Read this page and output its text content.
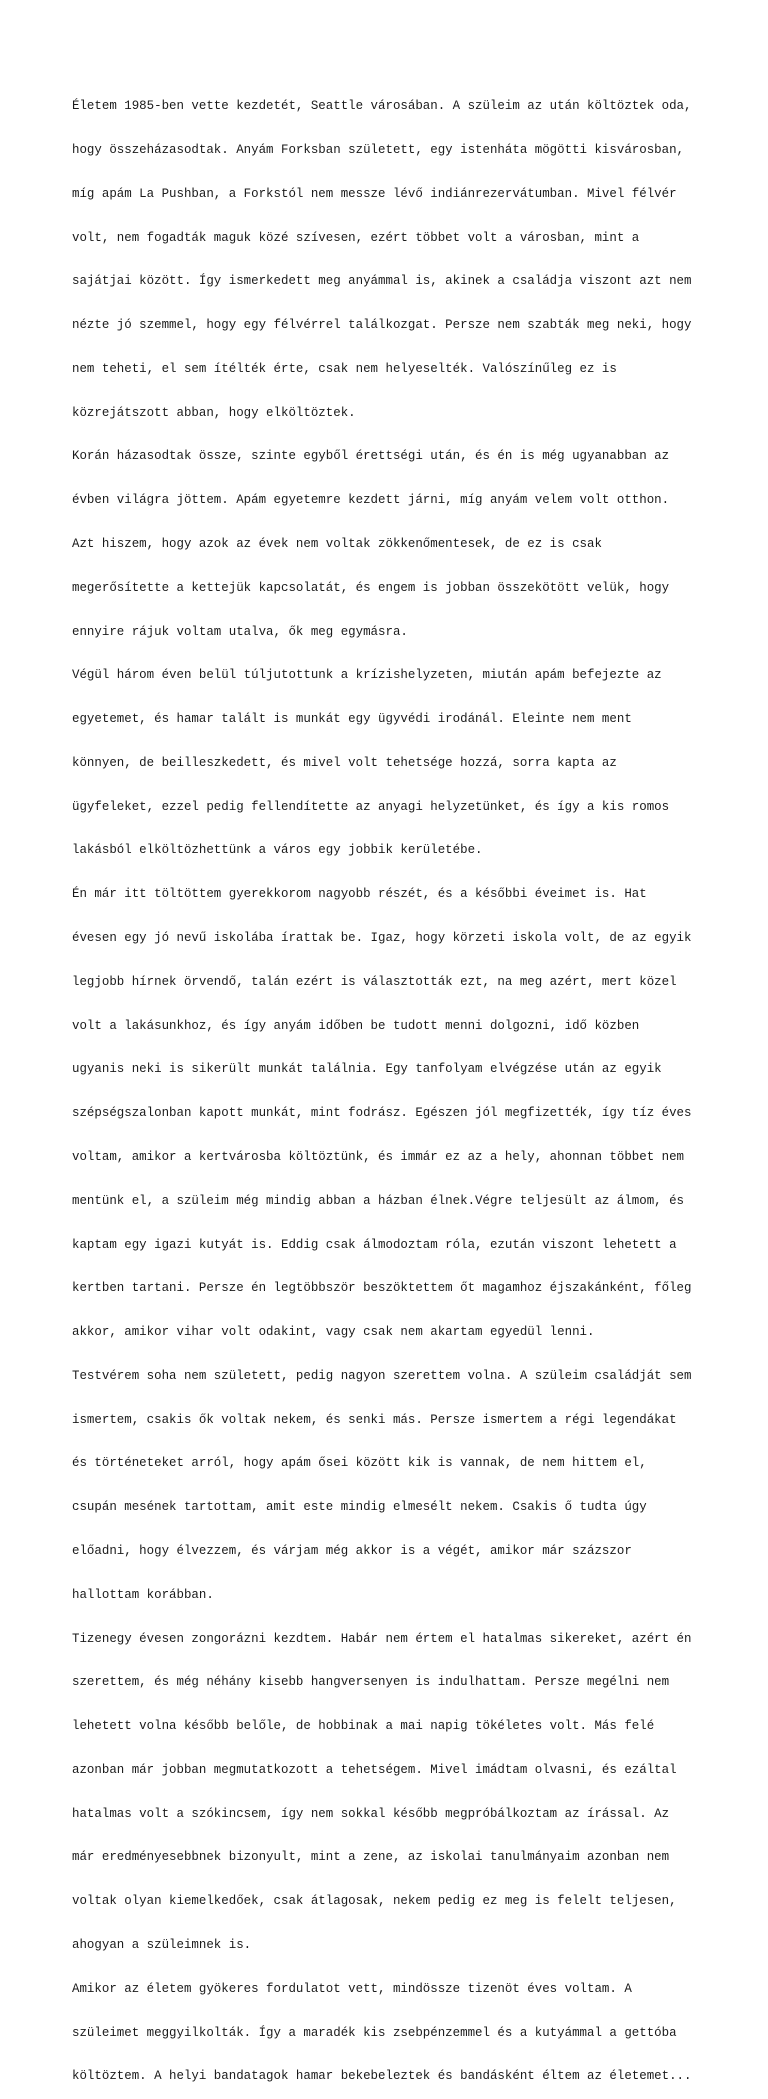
Életem 1985-ben vette kezdetét, Seattle városában. A szüleim az után költöztek oda,

hogy összeházasodtak. Anyám Forksban született, egy istenháta mögötti kisvárosban,

míg apám La Pushban, a Forkstól nem messze lévő indiánrezervátumban. Mivel félvér

volt, nem fogadták maguk közé szívesen, ezért többet volt a városban, mint a

sajátjai között. Így ismerkedett meg anyámmal is, akinek a családja viszont azt nem

nézte jó szemmel, hogy egy félvérrel találkozgat. Persze nem szabták meg neki, hogy

nem teheti, el sem ítélték érte, csak nem helyeselték. Valószínűleg ez is

közrejátszott abban, hogy elköltöztek.

Korán házasodtak össze, szinte egyből érettségi után, és én is még ugyanabban az

évben világra jöttem. Apám egyetemre kezdett járni, míg anyám velem volt otthon.

Azt hiszem, hogy azok az évek nem voltak zökkenőmentesek, de ez is csak

megerősítette a kettejük kapcsolatát, és engem is jobban összekötött velük, hogy

ennyire rájuk voltam utalva, ők meg egymásra.

Végül három éven belül túljutottunk a krízishelyzeten, miután apám befejezte az

egyetemet, és hamar talált is munkát egy ügyvédi irodánál. Eleinte nem ment

könnyen, de beilleszkedett, és mivel volt tehetsége hozzá, sorra kapta az

ügyfeleket, ezzel pedig fellendítette az anyagi helyzetünket, és így a kis romos

lakásból elköltözhettünk a város egy jobbik kerületébe.

Én már itt töltöttem gyerekkorom nagyobb részét, és a későbbi éveimet is. Hat

évesen egy jó nevű iskolába írattak be. Igaz, hogy körzeti iskola volt, de az egyik

legjobb hírnek örvendő, talán ezért is választották ezt, na meg azért, mert közel

volt a lakásunkhoz, és így anyám időben be tudott menni dolgozni, idő közben

ugyanis neki is sikerült munkát találnia. Egy tanfolyam elvégzése után az egyik

szépségszalonban kapott munkát, mint fodrász. Egészen jól megfizették, így tíz éves

voltam, amikor a kertvárosba költöztünk, és immár ez az a hely, ahonnan többet nem

mentünk el, a szüleim még mindig abban a házban élnek.Végre teljesült az álmom, és

kaptam egy igazi kutyát is. Eddig csak álmodoztam róla, ezután viszont lehetett a

kertben tartani. Persze én legtöbbször beszöktettem őt magamhoz éjszakánként, főleg

akkor, amikor vihar volt odakint, vagy csak nem akartam egyedül lenni.

Testvérem soha nem született, pedig nagyon szerettem volna. A szüleim családját sem

ismertem, csakis ők voltak nekem, és senki más. Persze ismertem a régi legendákat

és történeteket arról, hogy apám ősei között kik is vannak, de nem hittem el,

csupán mesének tartottam, amit este mindig elmesélt nekem. Csakis ő tudta úgy

előadni, hogy élvezzem, és várjam még akkor is a végét, amikor már százszor

hallottam korábban.

Tizenegy évesen zongorázni kezdtem. Habár nem értem el hatalmas sikereket, azért én

szerettem, és még néhány kisebb hangversenyen is indulhattam. Persze megélni nem

lehetett volna később belőle, de hobbinak a mai napig tökéletes volt. Más felé

azonban már jobban megmutatkozott a tehetségem. Mivel imádtam olvasni, és ezáltal

hatalmas volt a szókincsem, így nem sokkal később megpróbálkoztam az írással. Az

már eredményesebbnek bizonyult, mint a zene, az iskolai tanulmányaim azonban nem

voltak olyan kiemelkedőek, csak átlagosak, nekem pedig ez meg is felelt teljesen,

ahogyan a szüleimnek is.

Amikor az életem gyökeres fordulatot vett, mindössze tizenöt éves voltam. A

szüleimet meggyilkolták. Így a maradék kis zsebpénzemmel és a kutyámmal a gettóba

költöztem. A helyi bandatagok hamar bekebeleztek és bandásként éltem az életemet...
